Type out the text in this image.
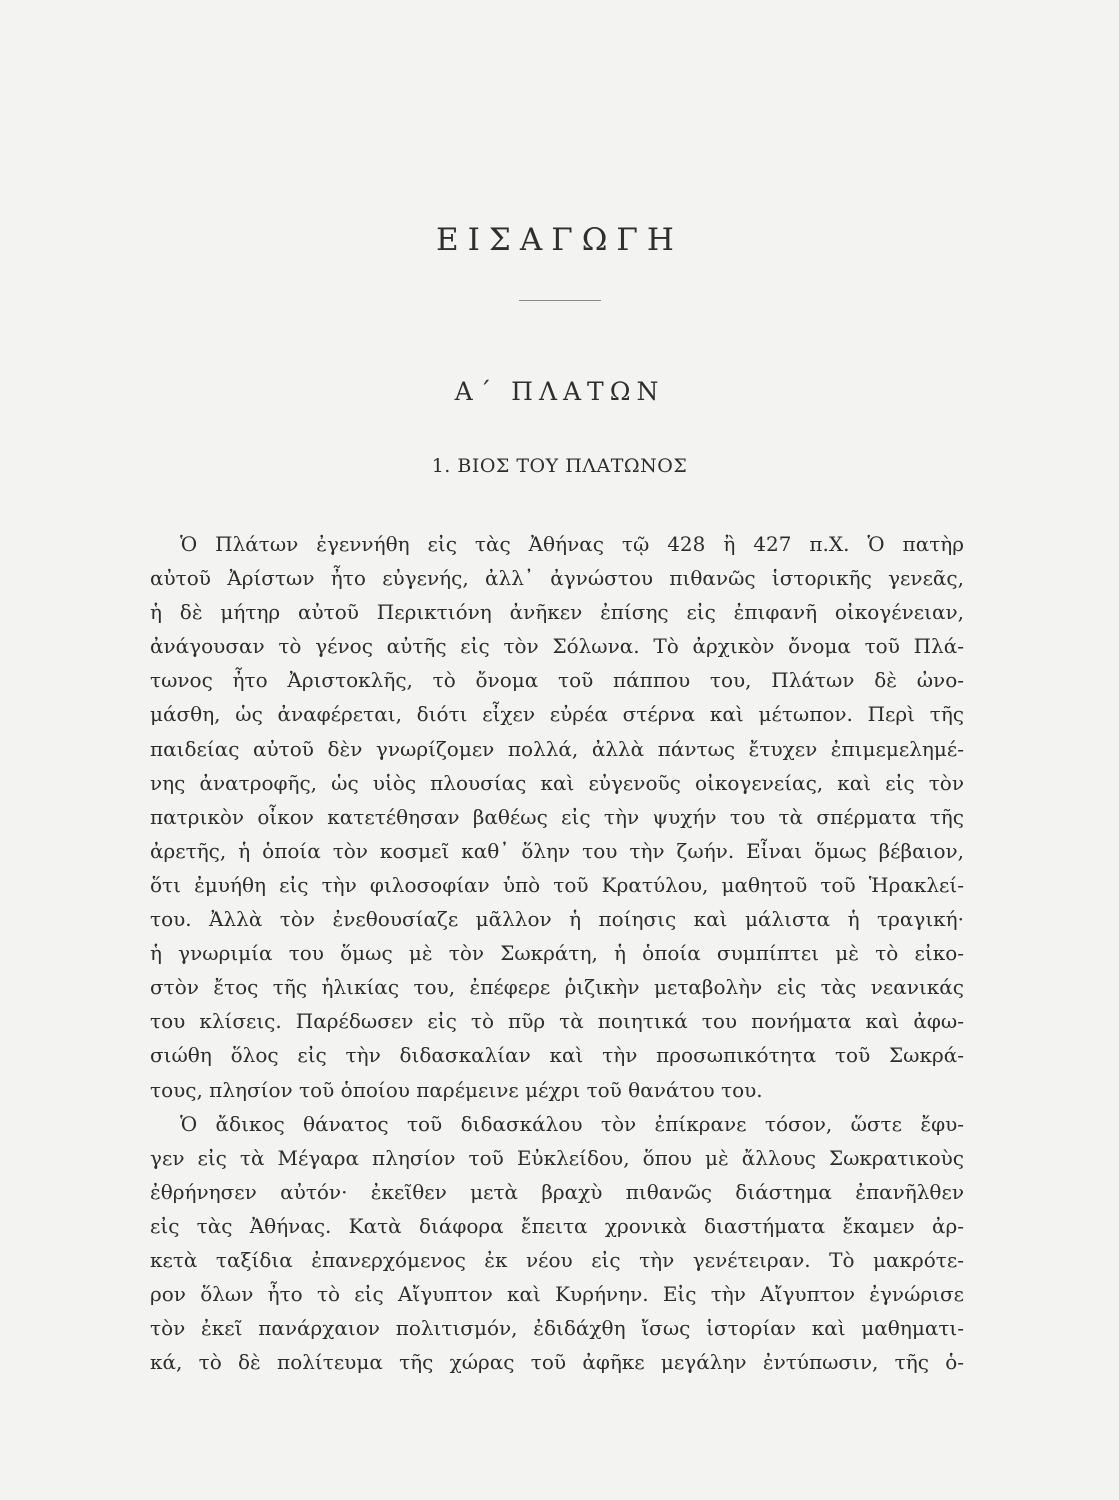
ΕΙΣΑΓΩΓΗ
Α΄ ΠΛΑΤΩΝ
1. ΒΙΟΣ ΤΟΥ ΠΛΑΤΩΝΟΣ
Ὁ Πλάτων ἐγεννήθη εἰς τὰς Ἀθήνας τῷ 428 ἢ 427 π.Χ. Ὁ πατὴρ
αὐτοῦ Ἀρίστων ἦτο εὐγενής, ἀλλ᾽ ἀγνώστου πιθανῶς ἱστορικῆς γενεᾶς,
ἡ δὲ μήτηρ αὐτοῦ Περικτιόνη ἀνῆκεν ἐπίσης εἰς ἐπιφανῆ οἰκογένειαν,
ἀνάγουσαν τὸ γένος αὐτῆς εἰς τὸν Σόλωνα. Τὸ ἀρχικὸν ὄνομα τοῦ Πλά-
τωνος ἦτο Ἀριστοκλῆς, τὸ ὄνομα τοῦ πάππου του, Πλάτων δὲ ὠνο-
μάσθη, ὡς ἀναφέρεται, διότι εἶχεν εὐρέα στέρνα καὶ μέτωπον. Περὶ τῆς
παιδείας αὐτοῦ δὲν γνωρίζομεν πολλά, ἀλλὰ πάντως ἔτυχεν ἐπιμεμελημέ-
νης ἀνατροφῆς, ὡς υἱὸς πλουσίας καὶ εὐγενοῦς οἰκογενείας, καὶ εἰς τὸν
πατρικὸν οἶκον κατετέθησαν βαθέως εἰς τὴν ψυχήν του τὰ σπέρματα τῆς
ἀρετῆς, ἡ ὁποία τὸν κοσμεῖ καθ᾽ ὅλην του τὴν ζωήν. Εἶναι ὅμως βέβαιον,
ὅτι ἐμυήθη εἰς τὴν φιλοσοφίαν ὑπὸ τοῦ Κρατύλου, μαθητοῦ τοῦ Ἡρακλεί-
του. Ἀλλὰ τὸν ἐνεθουσίαζε μᾶλλον ἡ ποίησις καὶ μάλιστα ἡ τραγική·
ἡ γνωριμία του ὅμως μὲ τὸν Σωκράτη, ἡ ὁποία συμπίπτει μὲ τὸ εἰκο-
στὸν ἔτος τῆς ἡλικίας του, ἐπέφερε ῥιζικὴν μεταβολὴν εἰς τὰς νεανικάς
του κλίσεις. Παρέδωσεν εἰς τὸ πῦρ τὰ ποιητικά του πονήματα καὶ ἀφω-
σιώθη ὅλος εἰς τὴν διδασκαλίαν καὶ τὴν προσωπικότητα τοῦ Σωκρά-
τους, πλησίον τοῦ ὁποίου παρέμεινε μέχρι τοῦ θανάτου του.
Ὁ ἄδικος θάνατος τοῦ διδασκάλου τὸν ἐπίκρανε τόσον, ὥστε ἔφυ-
γεν εἰς τὰ Μέγαρα πλησίον τοῦ Εὐκλείδου, ὅπου μὲ ἄλλους Σωκρατικοὺς
ἐθρήνησεν αὐτόν· ἐκεῖθεν μετὰ βραχὺ πιθανῶς διάστημα ἐπανῆλθεν
εἰς τὰς Ἀθήνας. Κατὰ διάφορα ἔπειτα χρονικὰ διαστήματα ἔκαμεν ἀρ-
κετὰ ταξίδια ἐπανερχόμενος ἐκ νέου εἰς τὴν γενέτειραν. Τὸ μακρότε-
ρον ὅλων ἦτο τὸ εἰς Αἴγυπτον καὶ Κυρήνην. Εἰς τὴν Αἴγυπτον ἐγνώρισε
τὸν ἐκεῖ πανάρχαιον πολιτισμόν, ἐδιδάχθη ἴσως ἱστορίαν καὶ μαθηματι-
κά, τὸ δὲ πολίτευμα τῆς χώρας τοῦ ἀφῆκε μεγάλην ἐντύπωσιν, τῆς ὁ-
